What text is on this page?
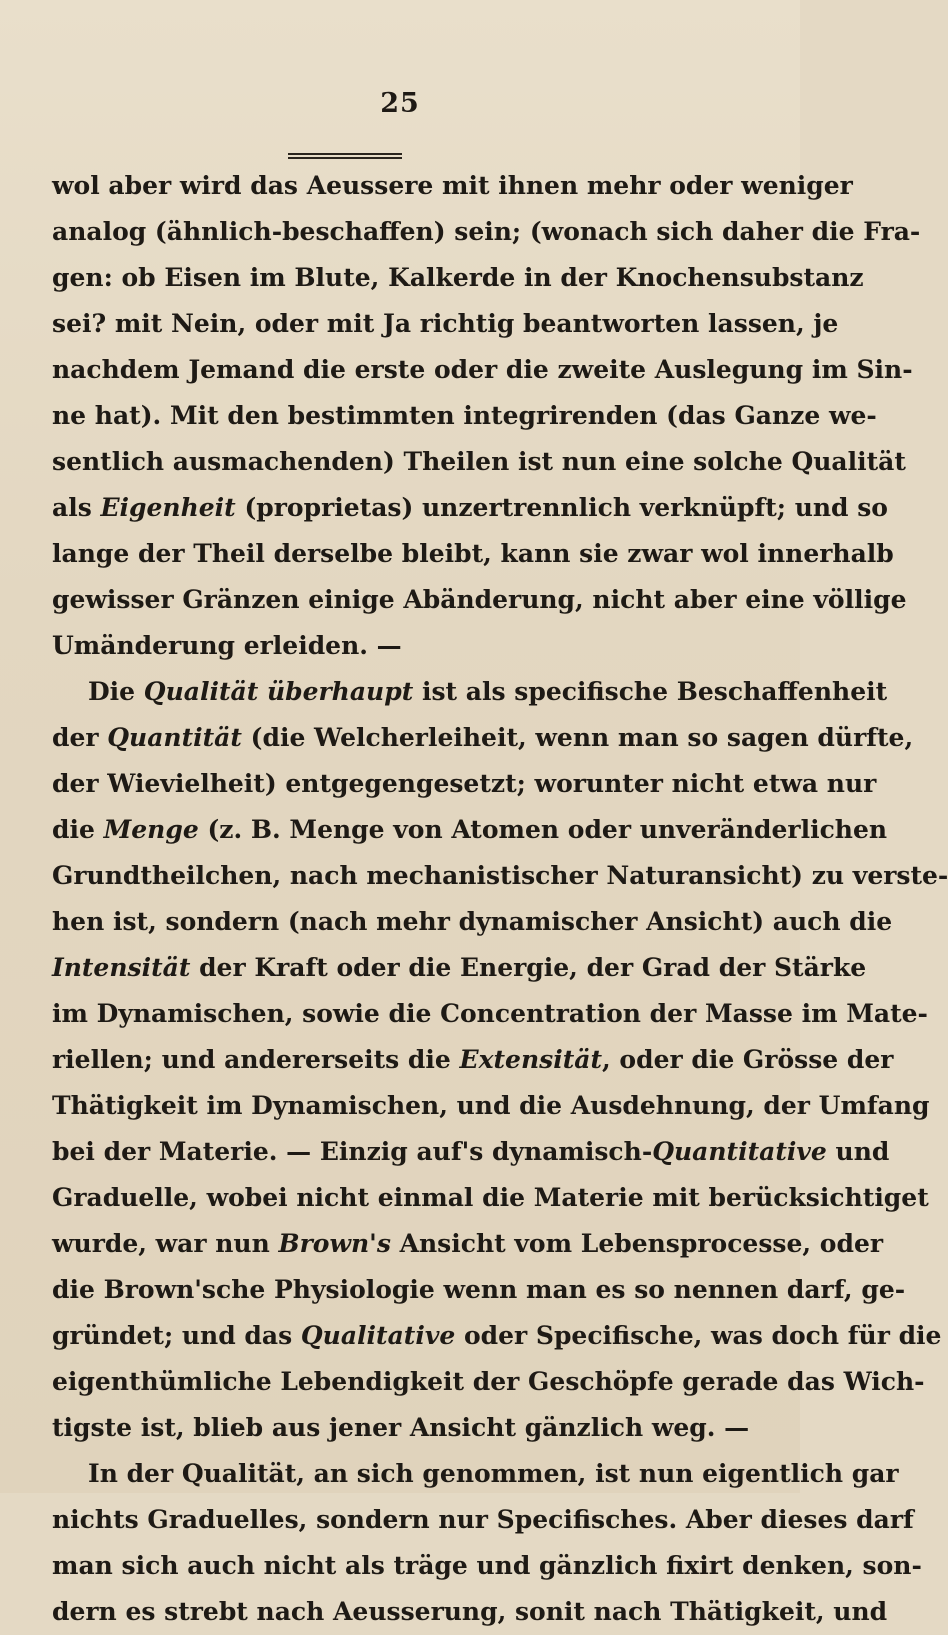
25
wol aber wird das Aeussere mit ihnen mehr oder weniger
analog (ähnlich-beschaffen) sein; (wonach sich daher die Fra-
gen: ob Eisen im Blute, Kalkerde in der Knochensubstanz
sei? mit Nein, oder mit Ja richtig beantworten lassen, je
nachdem Jemand die erste oder die zweite Auslegung im Sin-
ne hat). Mit den bestimmten integrirenden (das Ganze we-
sentlich ausmachenden) Theilen ist nun eine solche Qualität
als Eigenheit (proprietas) unzertrennlich verknüpft; und so
lange der Theil derselbe bleibt, kann sie zwar wol innerhalb
gewisser Gränzen einige Abänderung, nicht aber eine völlige
Umänderung erleiden. —
Die Qualität überhaupt ist als specifische Beschaffenheit
der Quantität (die Welcherleiheit, wenn man so sagen dürfte,
der Wievielheit) entgegengesetzt; worunter nicht etwa nur
die Menge (z. B. Menge von Atomen oder unveränderlichen
Grundtheilchen, nach mechanistischer Naturansicht) zu verste-
hen ist, sondern (nach mehr dynamischer Ansicht) auch die
Intensität der Kraft oder die Energie, der Grad der Stärke
im Dynamischen, sowie die Concentration der Masse im Mate-
riellen; und andererseits die Extensität, oder die Grösse der
Thätigkeit im Dynamischen, und die Ausdehnung, der Umfang
bei der Materie. — Einzig auf's dynamisch-Quantitative und
Graduelle, wobei nicht einmal die Materie mit berücksichtiget
wurde, war nun Brown's Ansicht vom Lebensprocesse, oder
die Brown'sche Physiologie wenn man es so nennen darf, ge-
gründet; und das Qualitative oder Specifische, was doch für die
eigenthümliche Lebendigkeit der Geschöpfe gerade das Wich-
tigste ist, blieb aus jener Ansicht gänzlich weg. —
In der Qualität, an sich genommen, ist nun eigentlich gar
nichts Graduelles, sondern nur Specifisches. Aber dieses darf
man sich auch nicht als träge und gänzlich fixirt denken, son-
dern es strebt nach Aeusserung, sonit nach Thätigkeit, und
